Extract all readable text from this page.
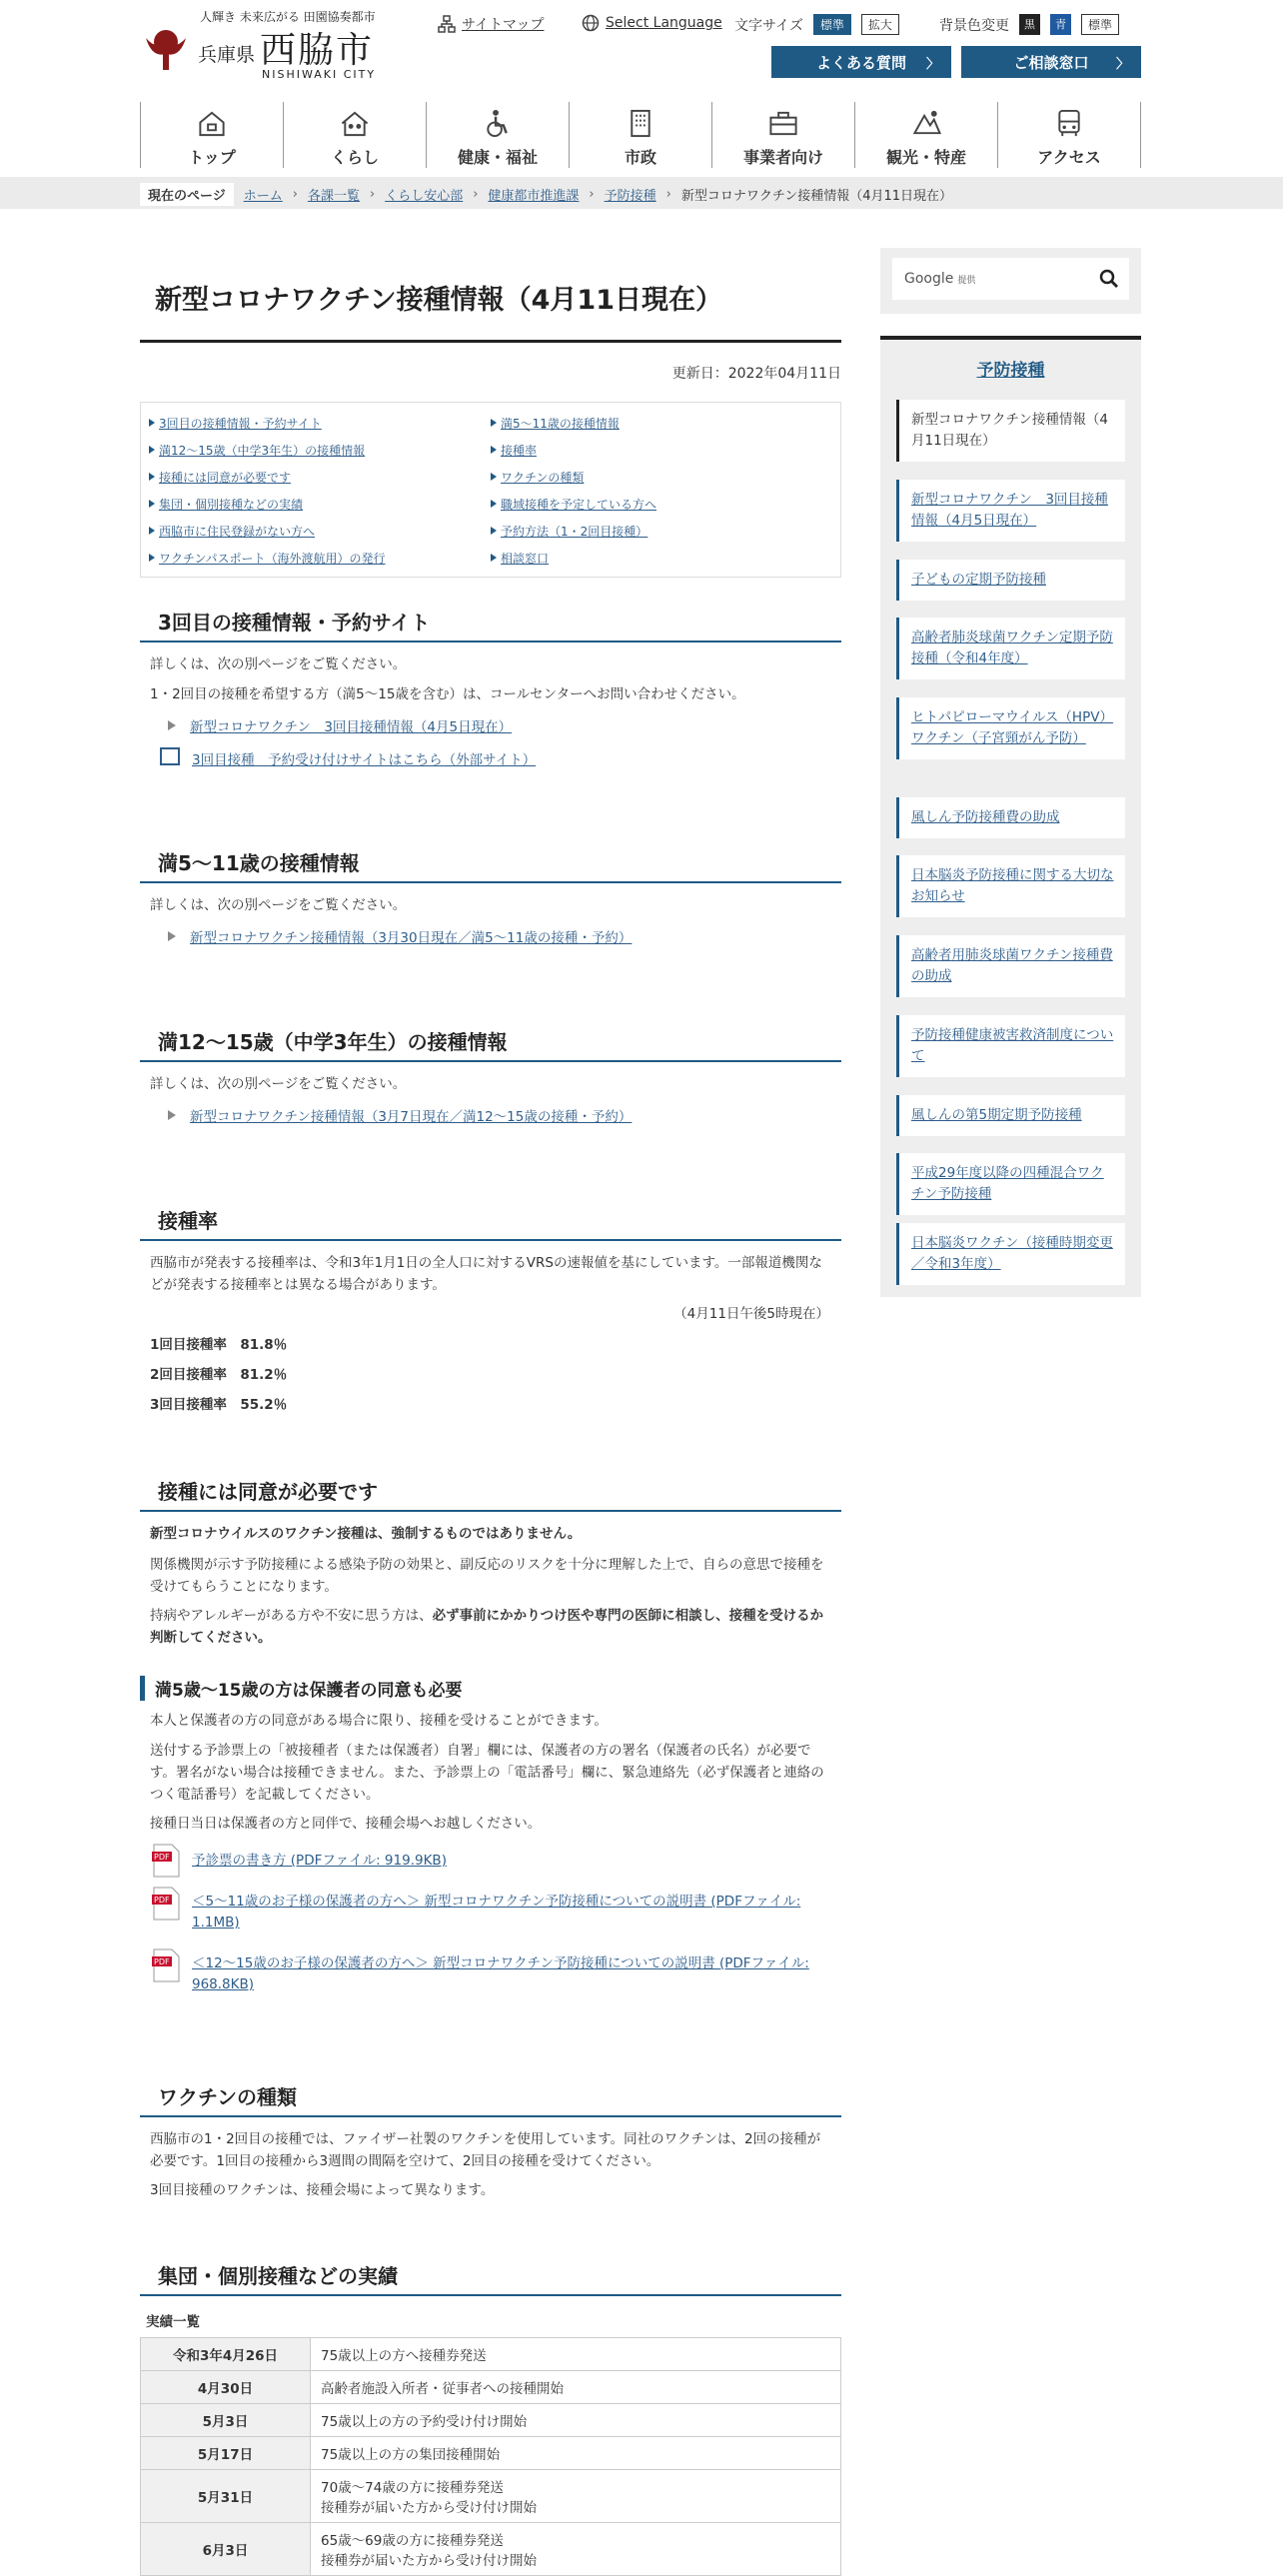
人輝き 未来広がる 田園協奏都市
兵庫県 西脇市
NISHIWAKI CITY
サイトマップ	Select Language 文字サイズ	標準	拡大	背景色変更	黒	青	標準
よくある質問 〉	ご相談窓口 〉
トップ	くらし	健康・福祉	市政	事業者向け	観光・特産	アクセス
現在のページ	ホーム › 各課一覧 › くらし安心部 › 健康都市推進課 › 予防接種 › 新型コロナワクチン接種情報（4月11日現在）
新型コロナワクチン接種情報（4月11日現在）
更新日：2022年04月11日
3回目の接種情報・予約サイト
満12～15歳（中学3年生）の接種情報
接種には同意が必要です
集団・個別接種などの実績
西脇市に住民登録がない方へ
ワクチンパスポート（海外渡航用）の発行
満5～11歳の接種情報
接種率
ワクチンの種類
職域接種を予定している方へ
予約方法（1・2回目接種）
相談窓口
3回目の接種情報・予約サイト

詳しくは、次の別ページをご覧ください。

1・2回目の接種を希望する方（満5～15歳を含む）は、コールセンターへお問い合わせください。

新型コロナワクチン　3回目接種情報（4月5日現在）
3回目接種　予約受け付けサイトはこちら（外部サイト）
満5～11歳の接種情報

詳しくは、次の別ページをご覧ください。

新型コロナワクチン接種情報（3月30日現在／満5～11歳の接種・予約）
満12～15歳（中学3年生）の接種情報

詳しくは、次の別ページをご覧ください。

新型コロナワクチン接種情報（3月7日現在／満12～15歳の接種・予約）
接種率

西脇市が発表する接種率は、令和3年1月1日の全人口に対するVRSの速報値を基にしています。一部報道機関などが発表する接種率とは異なる場合があります。

（4月11日午後5時現在）

1回目接種率　81.8％

2回目接種率　81.2％

3回目接種率　55.2％

接種には同意が必要です

新型コロナウイルスのワクチン接種は、強制するものではありません。

関係機関が示す予防接種による感染予防の効果と、副反応のリスクを十分に理解した上で、自らの意思で接種を受けてもらうことになります。

持病やアレルギーがある方や不安に思う方は、必ず事前にかかりつけ医や専門の医師に相談し、接種を受けるか判断してください。

満5歳～15歳の方は保護者の同意も必要

本人と保護者の方の同意がある場合に限り、接種を受けることができます。

送付する予診票上の「被接種者（または保護者）自署」欄には、保護者の方の署名（保護者の氏名）が必要です。署名がない場合は接種できません。また、予診票上の「電話番号」欄に、緊急連絡先（必ず保護者と連絡のつく電話番号）を記載してください。

接種日当日は保護者の方と同伴で、接種会場へお越しください。

PDF 予診票の書き方 (PDFファイル: 919.9KB)
PDF ＜5～11歳のお子様の保護者の方へ＞ 新型コロナワクチン予防接種についての説明書 (PDFファイル: 1.1MB)
PDF ＜12～15歳のお子様の保護者の方へ＞ 新型コロナワクチン予防接種についての説明書 (PDFファイル: 968.8KB)
ワクチンの種類

西脇市の1・2回目の接種では、ファイザー社製のワクチンを使用しています。同社のワクチンは、2回の接種が必要です。1回目の接種から3週間の間隔を空けて、2回目の接種を受けてください。

3回目接種のワクチンは、接種会場によって異なります。

集団・個別接種などの実績

実績一覧

令和3年4月26日	75歳以上の方へ接種券発送
4月30日	高齢者施設入所者・従事者への接種開始
5月3日	75歳以上の方の予約受け付け開始
5月17日	75歳以上の方の集団接種開始
5月31日	70歳～74歳の方に接種券発送
接種券が届いた方から受け付け開始
6月3日	65歳～69歳の方に接種券発送
接種券が届いた方から受け付け開始
Google 提供
予防接種
新型コロナワクチン接種情報（4月11日現在）
新型コロナワクチン　3回目接種情報（4月5日現在）
子どもの定期予防接種
高齢者肺炎球菌ワクチン定期予防接種（令和4年度）
ヒトパピローマウイルス（HPV）ワクチン（子宮頸がん予防）
風しん予防接種費の助成
日本脳炎予防接種に関する大切なお知らせ
高齢者用肺炎球菌ワクチン接種費の助成
予防接種健康被害救済制度について
風しんの第5期定期予防接種
平成29年度以降の四種混合ワクチン予防接種
日本脳炎ワクチン（接種時期変更／令和3年度）
